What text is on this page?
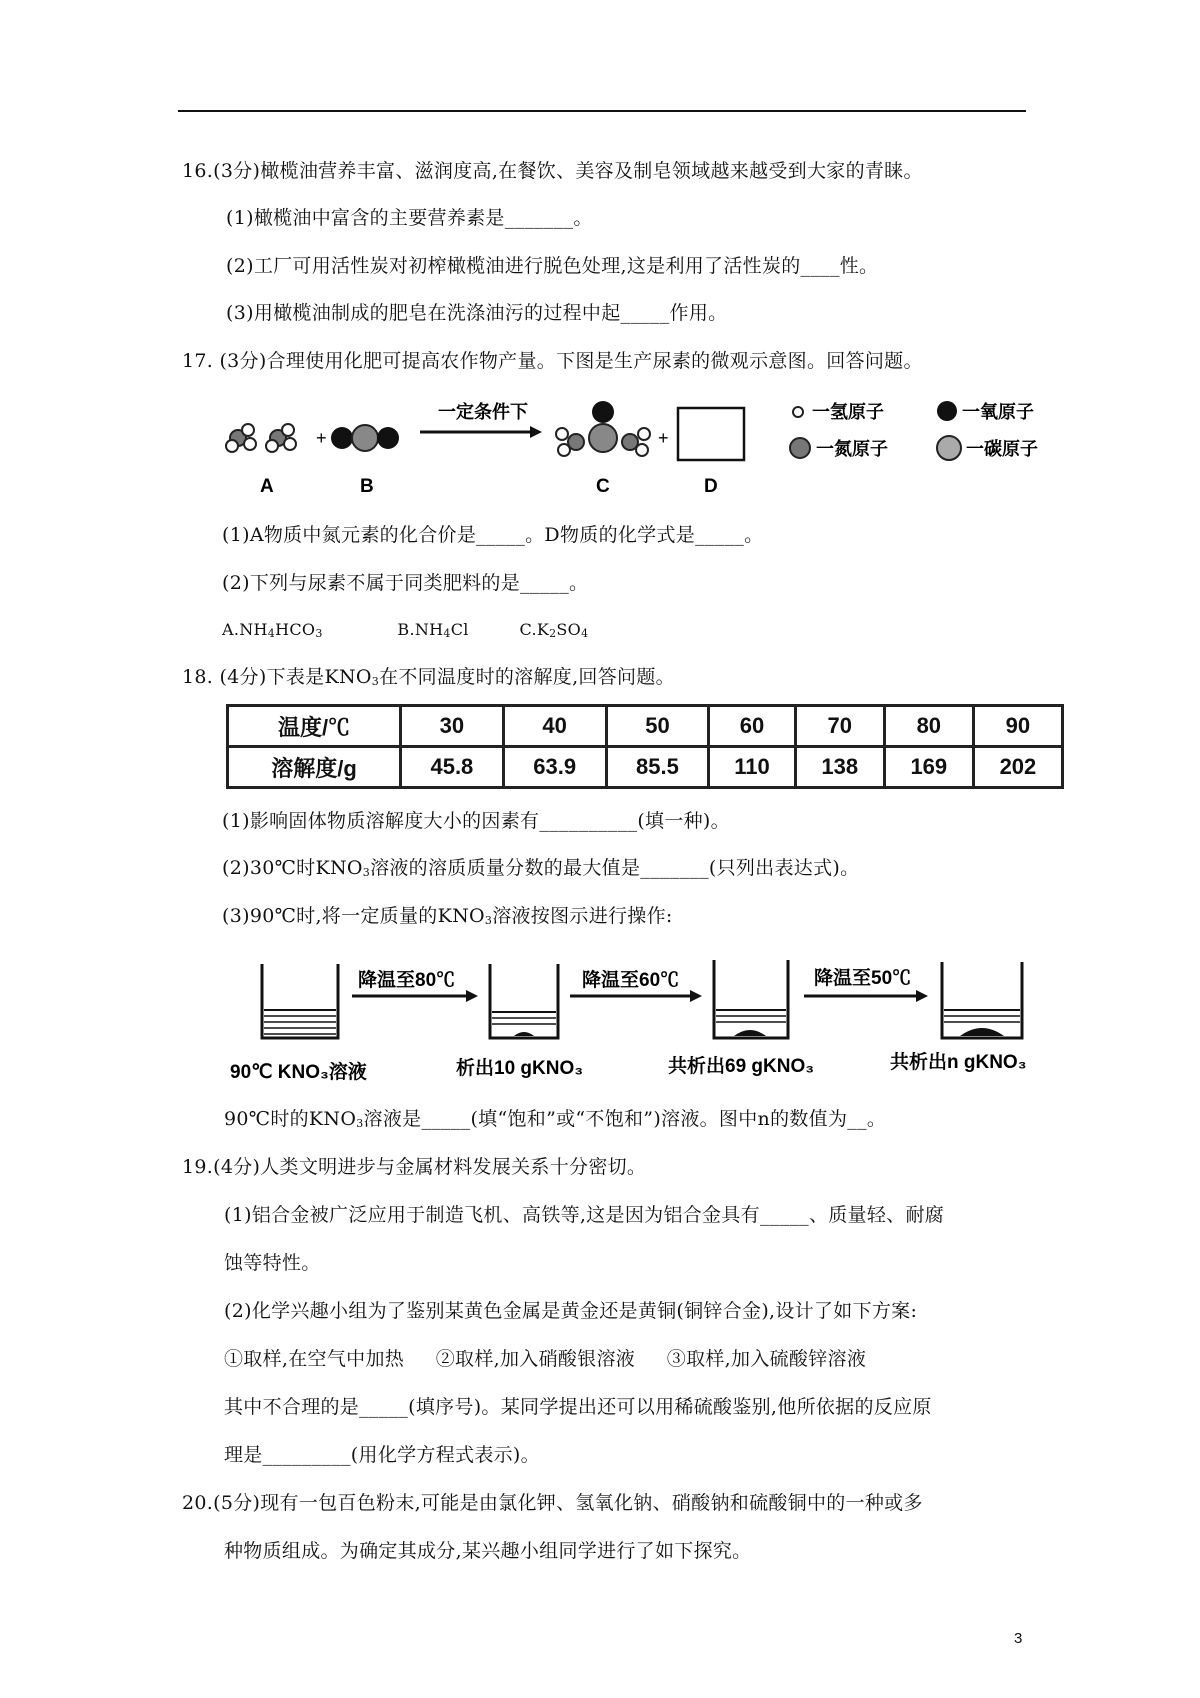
16.(3分)橄榄油营养丰富、滋润度高,在餐饮、美容及制皂领域越来越受到大家的青睐。
(1)橄榄油中富含的主要营养素是_______。
(2)工厂可用活性炭对初榨橄榄油进行脱色处理,这是利用了活性炭的____性。
(3)用橄榄油制成的肥皂在洗涤油污的过程中起_____作用。
17. (3分)合理使用化肥可提高农作物产量。下图是生产尿素的微观示意图。回答问题。
+
一定条件下
+
A	B	C	D
一氢原子	一氧原子
一氮原子	一碳原子
(1)A物质中氮元素的化合价是_____。D物质的化学式是_____。
(2)下列与尿素不属于同类肥料的是_____。
$A.NH_4HCO_3$	$B.NH_4Cl$	$C.K_2SO_4$
18. (4分)下表是$KNO_3$在不同温度时的溶解度,回答问题。
温度/℃	30	40	50	60	70	80	90
溶解度/g	45.8	63.9	85.5	110	138	169	202
(1)影响固体物质溶解度大小的因素有__________(填一种)。
(2)30℃时$KNO_3$溶液的溶质质量分数的最大值是_______(只列出表达式)。
(3)90℃时,将一定质量的$KNO_3$溶液按图示进行操作:
降温至80℃	降温至60℃	降温至50℃
90℃ KNO₃溶液	析出10 gKNO₃	共析出69 gKNO₃	共析出n gKNO₃
90℃时的$KNO_3$溶液是_____(填“饱和”或“不饱和”)溶液。图中n的数值为__。
19.(4分)人类文明进步与金属材料发展关系十分密切。
(1)铝合金被广泛应用于制造飞机、高铁等,这是因为铝合金具有_____、质量轻、耐腐
蚀等特性。
(2)化学兴趣小组为了鉴别某黄色金属是黄金还是黄铜(铜锌合金),设计了如下方案:
①取样,在空气中加热     ②取样,加入硝酸银溶液     ③取样,加入硫酸锌溶液
其中不合理的是_____(填序号)。某同学提出还可以用稀硫酸鉴别,他所依据的反应原
理是_________(用化学方程式表示)。
20.(5分)现有一包百色粉末,可能是由氯化钾、氢氧化钠、硝酸钠和硫酸铜中的一种或多
种物质组成。为确定其成分,某兴趣小组同学进行了如下探究。
3
